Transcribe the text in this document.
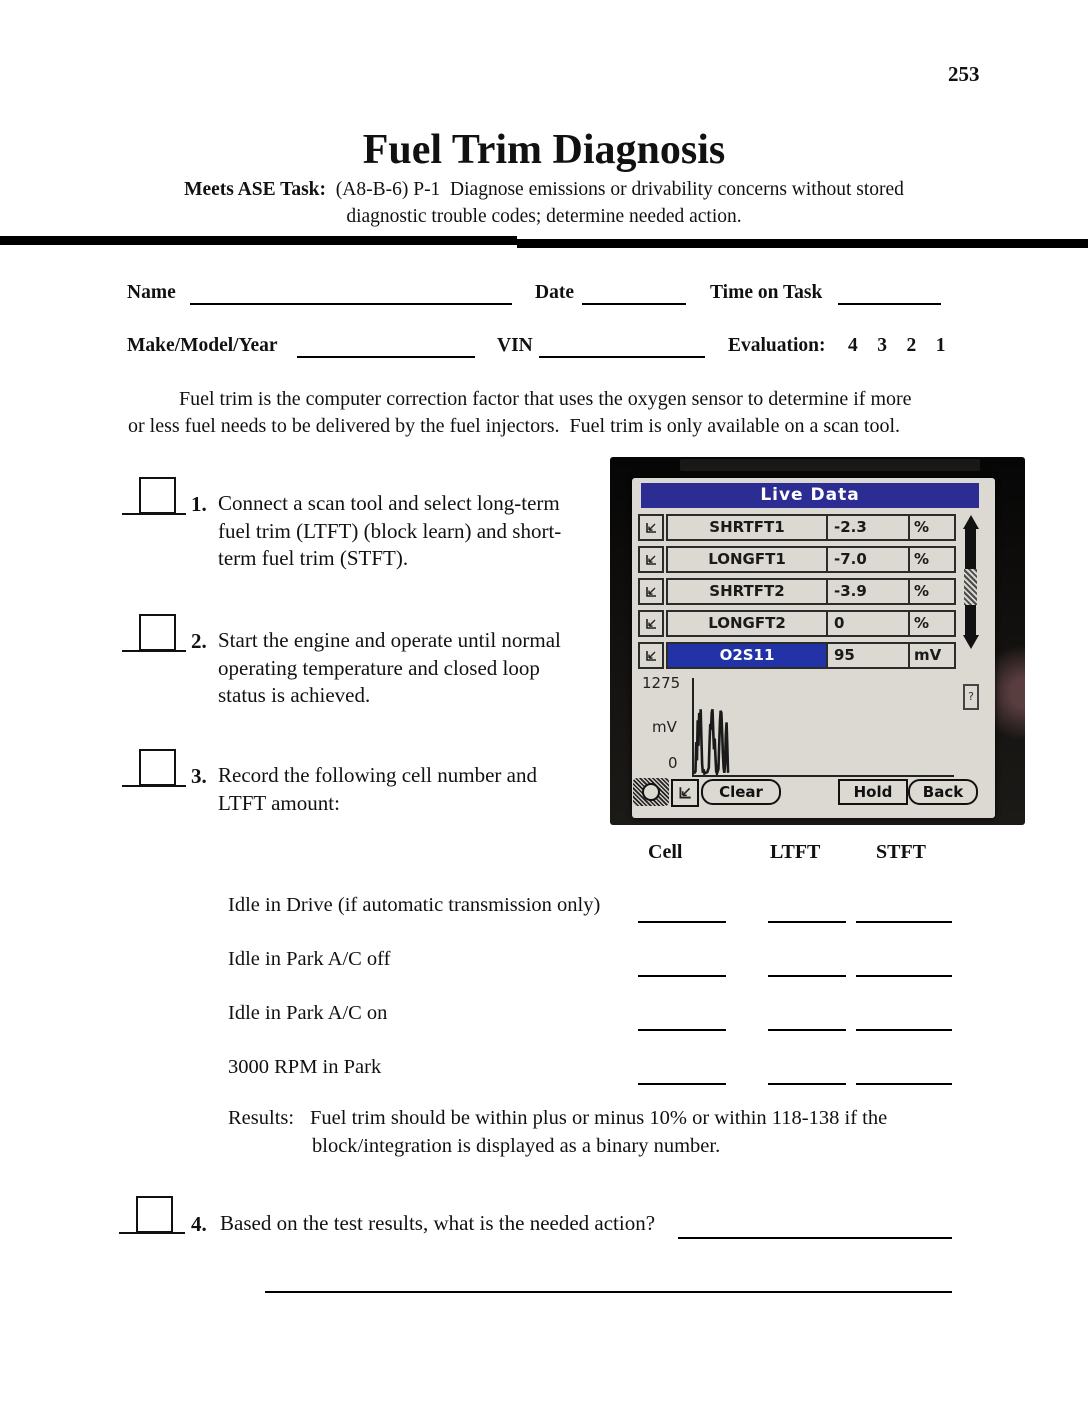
253
Fuel Trim Diagnosis
Meets ASE Task:  (A8-B-6) P-1  Diagnose emissions or drivability concerns without stored
diagnostic trouble codes; determine needed action.
Name	Date	Time on Task
Make/Model/Year	VIN	Evaluation: 4    3    2    1
Fuel trim is the computer correction factor that uses the oxygen sensor to determine if more
or less fuel needs to be delivered by the fuel injectors.  Fuel trim is only available on a scan tool.
1. Connect a scan tool and select long-term
fuel trim (LTFT) (block learn) and short-
term fuel trim (STFT).
2. Start the engine and operate until normal
operating temperature and closed loop
status is achieved.
3. Record the following cell number and
LTFT amount:
Live Data
SHRTFT1	-2.3	%
LONGFT1	-7.0	%
SHRTFT2	-3.9	%
LONGFT2	0	%
O2S11	95	mV
1275
mV
0
?
Clear	Hold	Back
Cell	LTFT	STFT
Idle in Drive (if automatic transmission only)
Idle in Park A/C off
Idle in Park A/C on
3000 RPM in Park
Results: Fuel trim should be within plus or minus 10% or within 118-138 if the
block/integration is displayed as a binary number.
4. Based on the test results, what is the needed action?
